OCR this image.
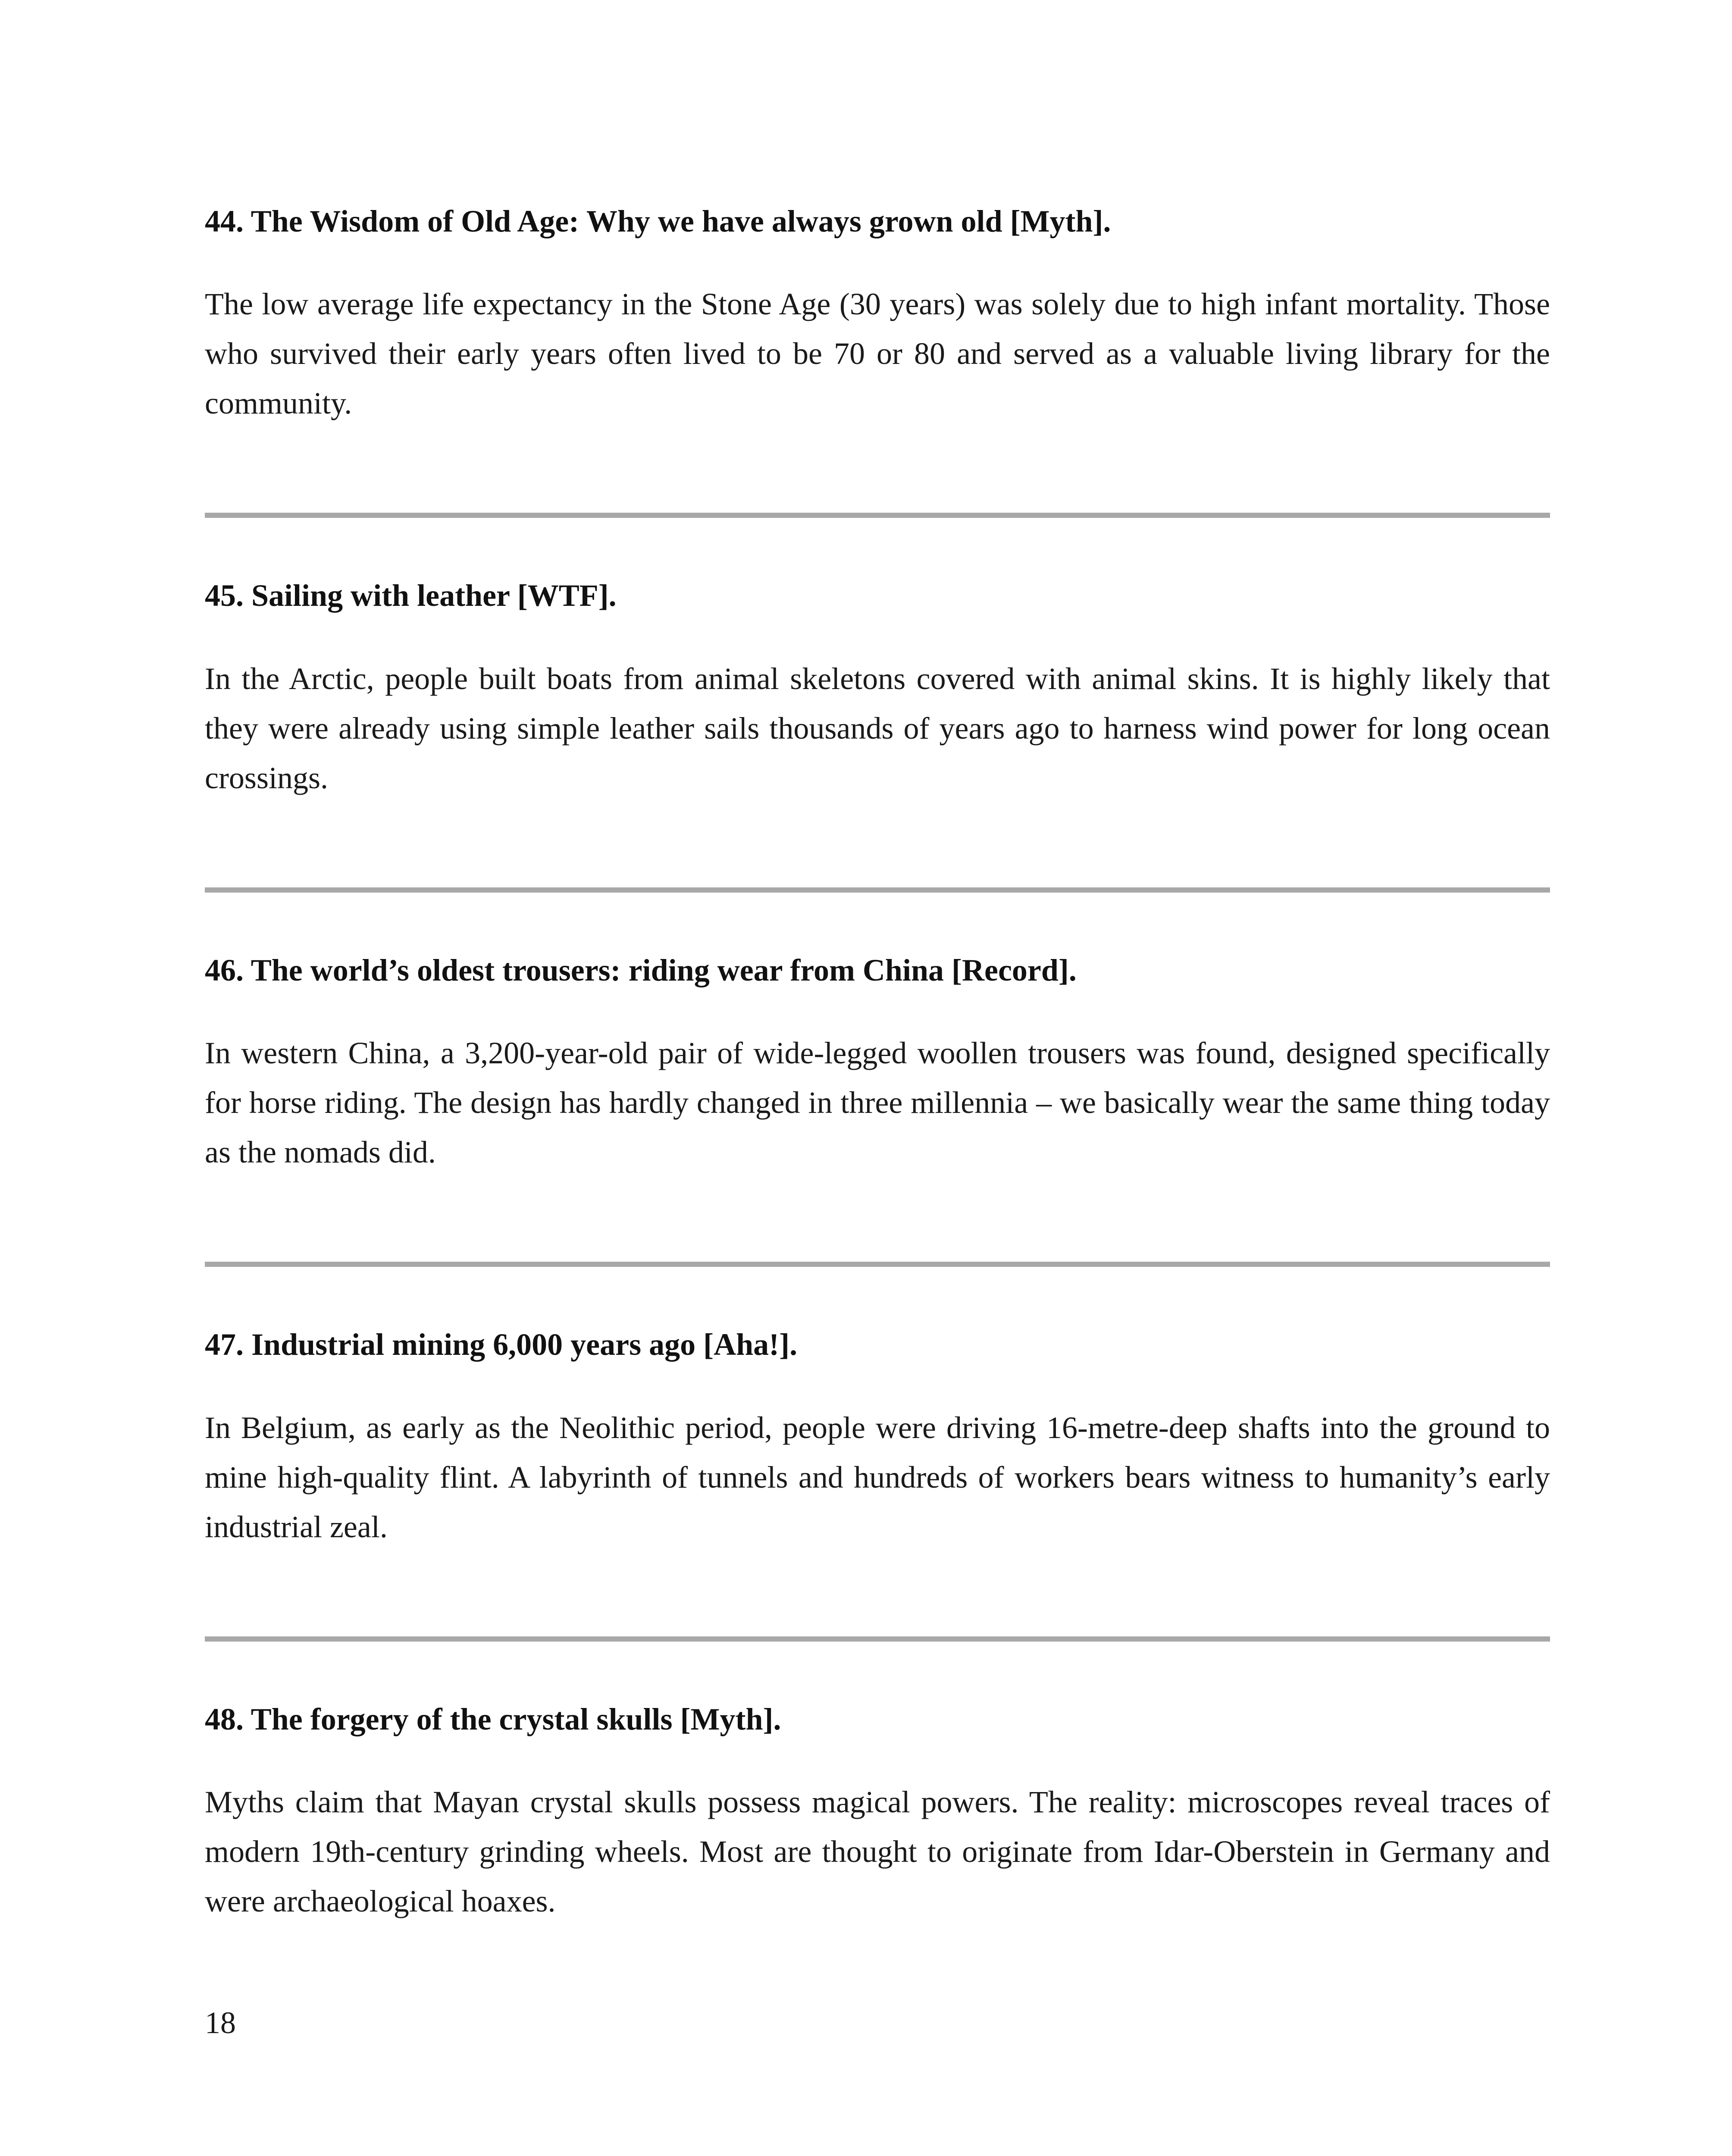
44. The Wisdom of Old Age: Why we have always grown old [Myth].

The low average life expectancy in the Stone Age (30 years) was solely due to high infant mortality. Those who survived their early years often lived to be 70 or 80 and served as a valuable living library for the community.

45. Sailing with leather [WTF].

In the Arctic, people built boats from animal skeletons covered with animal skins. It is highly likely that they were already using simple leather sails thousands of years ago to harness wind power for long ocean crossings.

46. The world’s oldest trousers: riding wear from China [Record].

In western China, a 3,200-year-old pair of wide-legged woollen trousers was found, designed specifically for horse riding. The design has hardly changed in three millennia – we basically wear the same thing today as the nomads did.

47. Industrial mining 6,000 years ago [Aha!].

In Belgium, as early as the Neolithic period, people were driving 16-metre-deep shafts into the ground to mine high-quality flint. A labyrinth of tunnels and hundreds of workers bears witness to humanity’s early industrial zeal.

48. The forgery of the crystal skulls [Myth].

Myths claim that Mayan crystal skulls possess magical powers. The reality: microscopes reveal traces of modern 19th-century grinding wheels. Most are thought to originate from Idar-Oberstein in Germany and were archaeological hoaxes.

18
